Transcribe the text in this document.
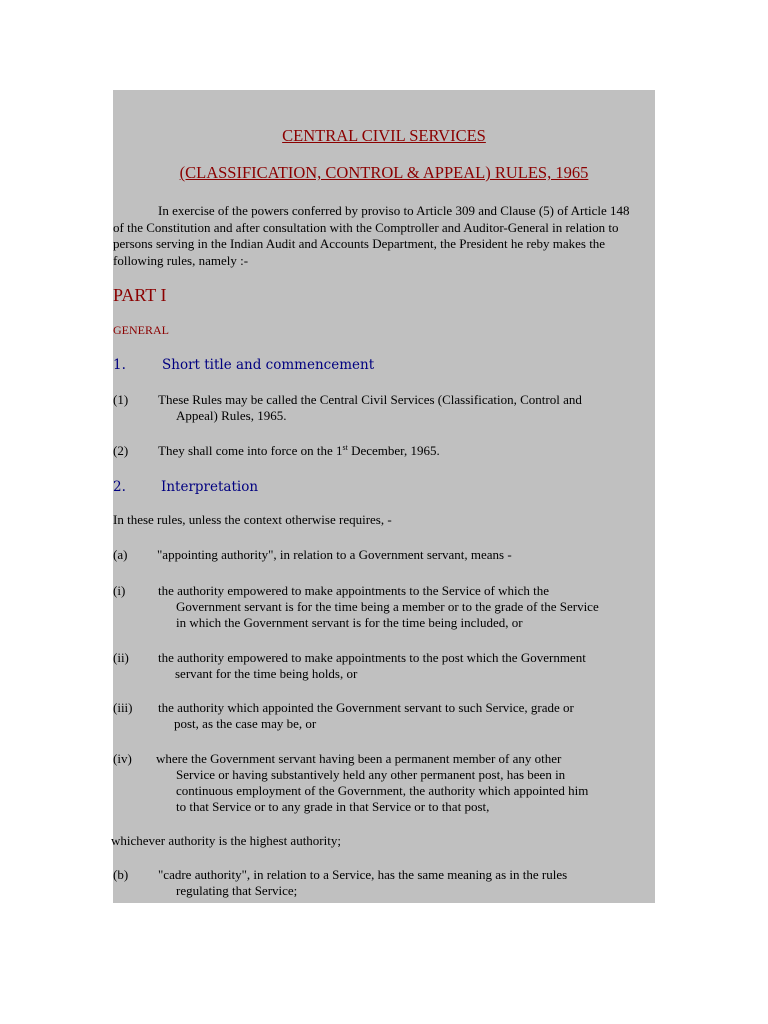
CENTRAL CIVIL SERVICES
(CLASSIFICATION, CONTROL & APPEAL) RULES, 1965
In exercise of the powers conferred by proviso to Article 309 and Clause (5) of Article 148 of the Constitution and after consultation with the Comptroller and Auditor-General in relation to persons serving in the Indian Audit and Accounts Department, the President he reby makes the following rules, namely :-
PART I
GENERAL
1.	Short title and commencement
(1) These Rules may be called the Central Civil Services (Classification, Control and
Appeal) Rules, 1965.
(2) They shall come into force on the 1st December, 1965.
2.	Interpretation
In these rules, unless the context otherwise requires, -
(a) "appointing authority", in relation to a Government servant, means -
(i)	the authority empowered to make appointments to the Service of which the
Government servant is for the time being a member or to the grade of the Service
in which the Government servant is for the time being included, or
(ii) the authority empowered to make appointments to the post which the Government
servant for the time being holds, or
(iii) the authority which appointed the Government servant to such Service, grade or
post, as the case may be, or
(iv) where the Government servant having been a permanent member of any other
Service or having substantively held any other permanent post, has been in
continuous employment of the Government, the authority which appointed him
to that Service or to any grade in that Service or to that post,
(b) "cadre authority", in relation to a Service, has the same meaning as in the rules
regulating that Service;
whichever authority is the highest authority;
